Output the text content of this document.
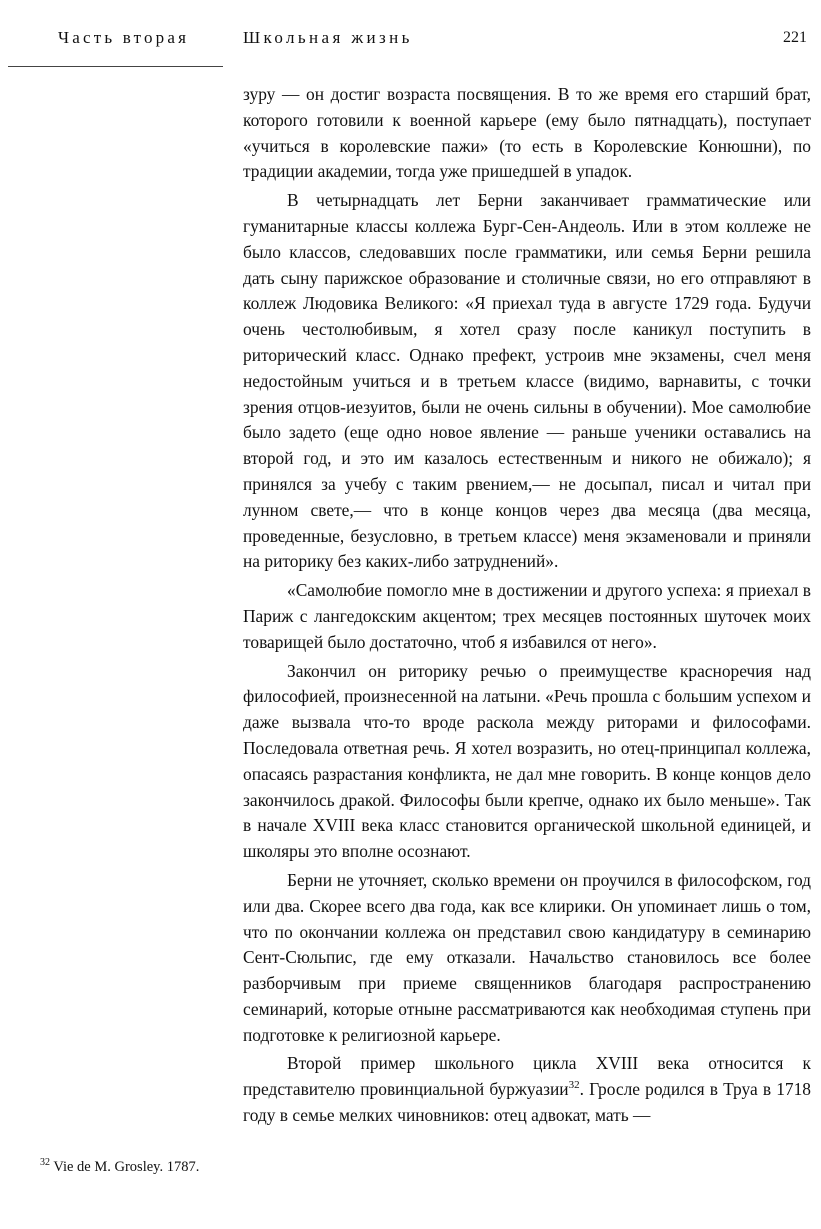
Часть вторая	Школьная жизнь	221

зуру — он достиг возраста посвящения. В то же время его старший брат, которого готовили к военной карьере (ему было пятнадцать), поступает «учиться в королевские пажи» (то есть в Королевские Конюшни), по традиции академии, тогда уже пришедшей в упадок.

В четырнадцать лет Берни заканчивает грамматические или гуманитарные классы коллежа Бург-Сен-Андеоль. Или в этом коллеже не было классов, следовавших после грамматики, или семья Берни решила дать сыну парижское образование и столичные связи, но его отправляют в коллеж Людовика Великого: «Я приехал туда в августе 1729 года. Будучи очень честолюбивым, я хотел сразу после каникул поступить в риторический класс. Однако префект, устроив мне экзамены, счел меня недостойным учиться и в третьем классе (видимо, варнавиты, с точки зрения отцов-иезуитов, были не очень сильны в обучении). Мое самолюбие было задето (еще одно новое явление — раньше ученики оставались на второй год, и это им казалось естественным и никого не обижало); я принялся за учебу с таким рвением,— не досыпал, писал и читал при лунном свете,— что в конце концов через два месяца (два месяца, проведенные, безусловно, в третьем классе) меня экзаменовали и приняли на риторику без каких-либо затруднений».

«Самолюбие помогло мне в достижении и другого успеха: я приехал в Париж с лангедокским акцентом; трех месяцев постоянных шуточек моих товарищей было достаточно, чтоб я избавился от него».

Закончил он риторику речью о преимуществе красноречия над философией, произнесенной на латыни. «Речь прошла с большим успехом и даже вызвала что-то вроде раскола между риторами и философами. Последовала ответная речь. Я хотел возразить, но отец-принципал коллежа, опасаясь разрастания конфликта, не дал мне говорить. В конце концов дело закончилось дракой. Философы были крепче, однако их было меньше». Так в начале XVIII века класс становится органической школьной единицей, и школяры это вполне осознают.

Берни не уточняет, сколько времени он проучился в философском, год или два. Скорее всего два года, как все клирики. Он упоминает лишь о том, что по окончании коллежа он представил свою кандидатуру в семинарию Сент-Сюльпис, где ему отказали. Начальство становилось все более разборчивым при приеме священников благодаря распространению семинарий, которые отныне рассматриваются как необходимая ступень при подготовке к религиозной карьере.

Второй пример школьного цикла XVIII века относится к представителю провинциальной буржуазии$^{32}$. Гросле родился в Труа в 1718 году в семье мелких чиновников: отец адвокат, мать —

$^{32}$ Vie de M. Grosley. 1787.
